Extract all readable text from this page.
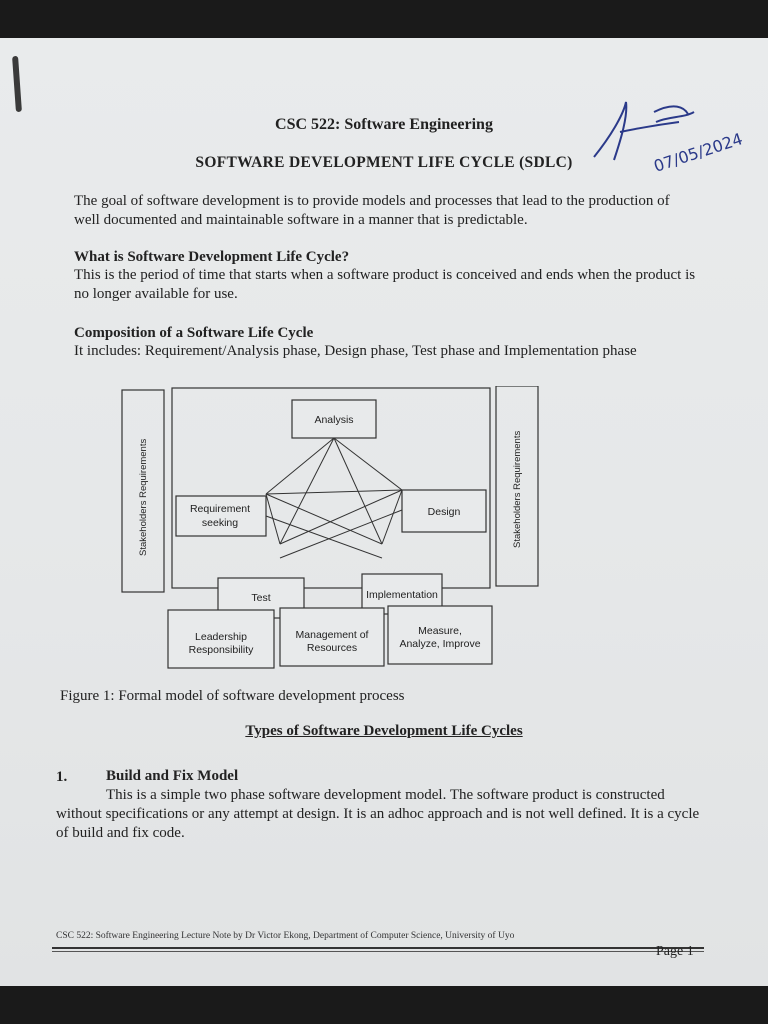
07/05/2024
CSC 522: Software Engineering
SOFTWARE DEVELOPMENT LIFE CYCLE (SDLC)
The goal of software development is to provide models and processes that lead to the production of well documented and maintainable software in a manner that is predictable.
What is Software Development Life Cycle?
This is the period of time that starts when a software product is conceived and ends when the product is no longer available for use.
Composition of a Software Life Cycle
It includes: Requirement/Analysis phase, Design phase, Test phase and Implementation phase
Stakeholders Requirements	Stakeholders Requirements
Analysis
Requirement
seeking
Design
Test	Implementation
Leadership
Responsibility
Management of
Resources
Measure,
Analyze, Improve
Figure 1: Formal model of software development process
Types of Software Development Life Cycles
1.	Build and Fix Model
This is a simple two phase software development model. The software product is constructed without specifications or any attempt at design. It is an adhoc approach and is not well defined. It is a cycle of build and fix code.
CSC 522: Software Engineering Lecture Note by Dr Victor Ekong, Department of Computer Science, University of Uyo
Page 1
